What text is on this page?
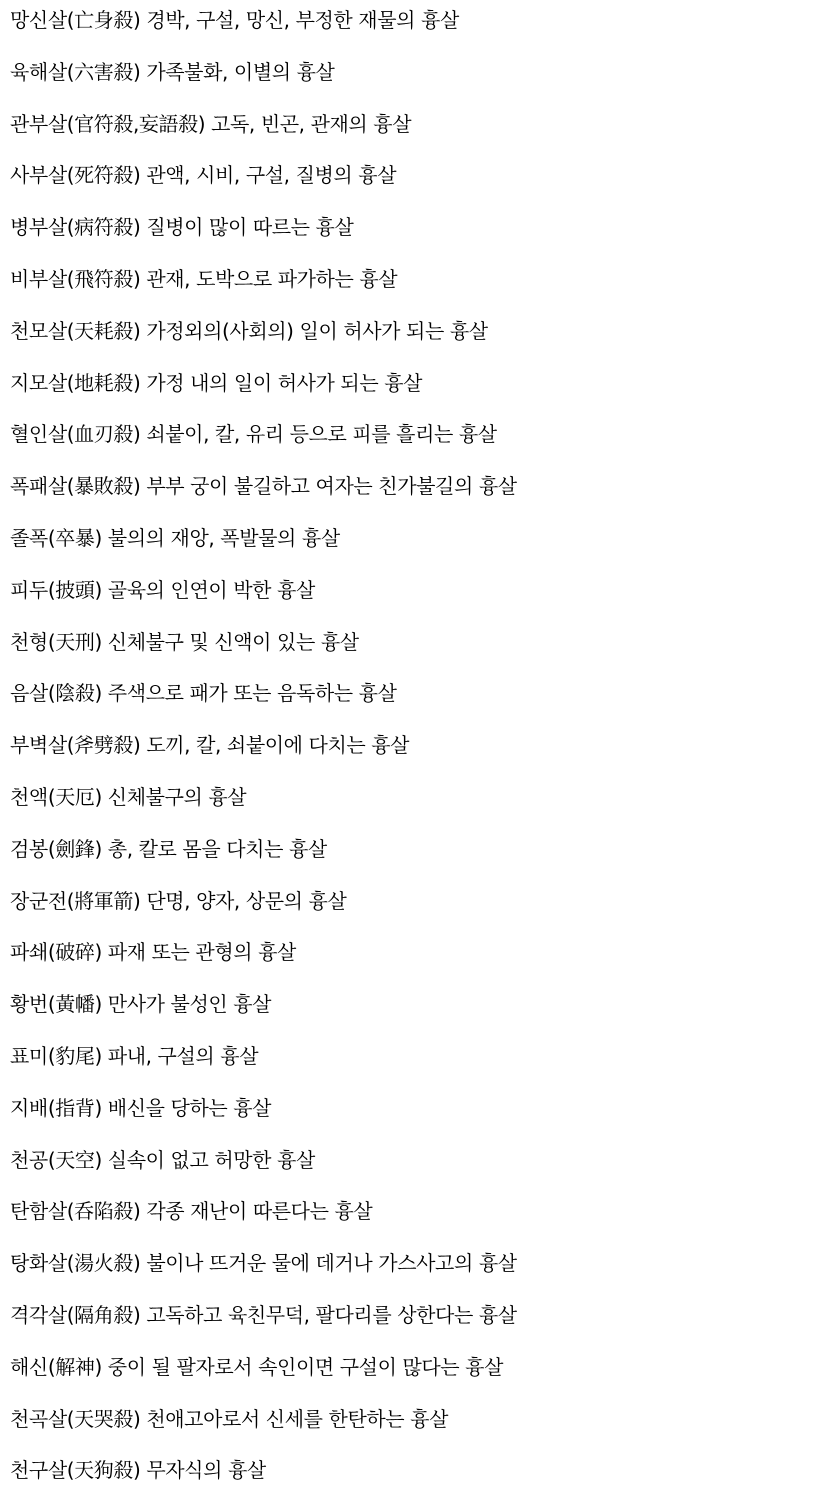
망신살(亡身殺) 경박, 구설, 망신, 부정한 재물의 흉살
육해살(六害殺) 가족불화, 이별의 흉살
관부살(官符殺,妄語殺) 고독, 빈곤, 관재의 흉살
사부살(死符殺) 관액, 시비, 구설, 질병의 흉살
병부살(病符殺) 질병이 많이 따르는 흉살
비부살(飛符殺) 관재, 도박으로 파가하는 흉살
천모살(天耗殺) 가정외의(사회의) 일이 허사가 되는 흉살
지모살(地耗殺) 가정 내의 일이 허사가 되는 흉살
혈인살(血刃殺) 쇠붙이, 칼, 유리 등으로 피를 흘리는 흉살
폭패살(暴敗殺) 부부 궁이 불길하고 여자는 친가불길의 흉살
졸폭(卒暴) 불의의 재앙, 폭발물의 흉살
피두(披頭) 골육의 인연이 박한 흉살
천형(天刑) 신체불구 및 신액이 있는 흉살
음살(陰殺) 주색으로 패가 또는 음독하는 흉살
부벽살(斧劈殺) 도끼, 칼, 쇠붙이에 다치는 흉살
천액(天厄) 신체불구의 흉살
검봉(劍鋒) 총, 칼로 몸을 다치는 흉살
장군전(將軍箭) 단명, 양자, 상문의 흉살
파쇄(破碎) 파재 또는 관형의 흉살
황번(黃幡) 만사가 불성인 흉살
표미(豹尾) 파내, 구설의 흉살
지배(指背) 배신을 당하는 흉살
천공(天空) 실속이 없고 허망한 흉살
탄함살(呑陷殺) 각종 재난이 따른다는 흉살
탕화살(湯火殺) 불이나 뜨거운 물에 데거나 가스사고의 흉살
격각살(隔角殺) 고독하고 육친무덕, 팔다리를 상한다는 흉살
해신(解神) 중이 될 팔자로서 속인이면 구설이 많다는 흉살
천곡살(天哭殺) 천애고아로서 신세를 한탄하는 흉살
천구살(天狗殺) 무자식의 흉살
